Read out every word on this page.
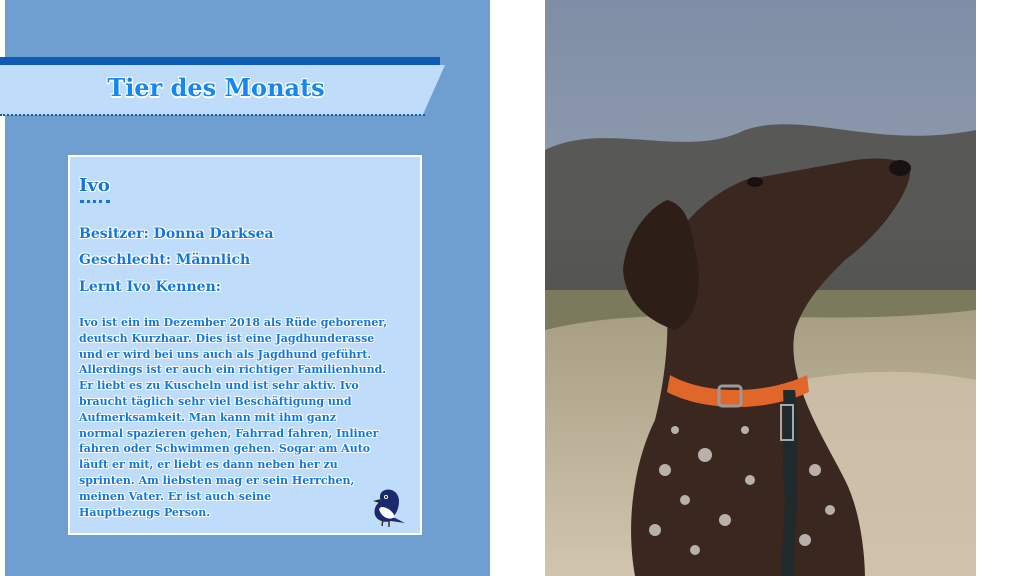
Tier des Monats
Ivo
Besitzer: Donna Darksea
Geschlecht: Männlich
Lernt Ivo Kennen:

Ivo ist ein im Dezember 2018 als Rüde geborener,
deutsch Kurzhaar. Dies ist eine Jagdhunderasse
und er wird bei uns auch als Jagdhund geführt.
Allerdings ist er auch ein richtiger Familienhund.
Er liebt es zu Kuscheln und ist sehr aktiv. Ivo
braucht täglich sehr viel Beschäftigung und
Aufmerksamkeit. Man kann mit ihm ganz
normal spazieren gehen, Fahrrad fahren, Inliner
fahren oder Schwimmen gehen. Sogar am Auto
läuft er mit, er liebt es dann neben her zu
sprinten. Am liebsten mag er sein Herrchen,
meinen Vater. Er ist auch seine
Hauptbezugs Person.
